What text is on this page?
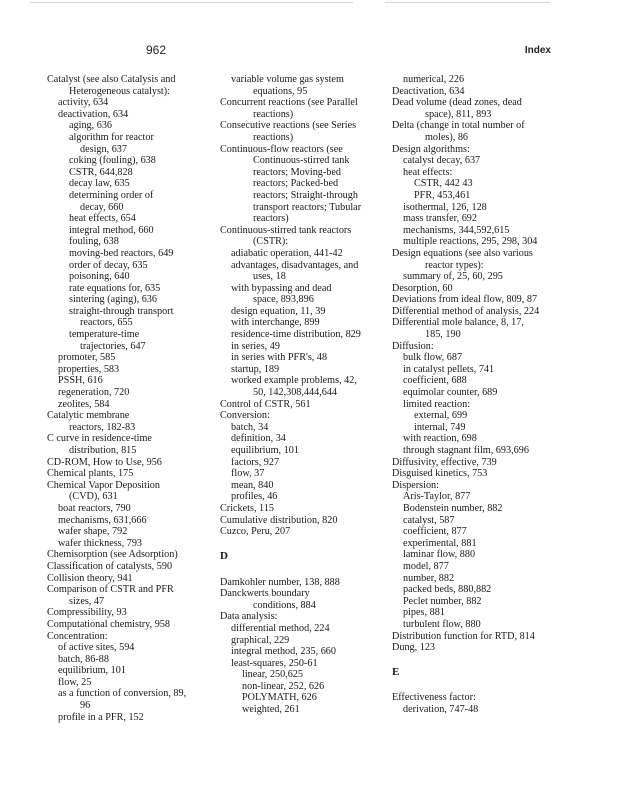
962	Index
Catalyst (see also Catalysis and
Heterogeneous catalyst):
activity, 634
deactivation, 634
aging, 636
algorithm for reactor
design, 637
coking (fouling), 638
CSTR, 644,828
decay law, 635
determining order of
decay, 660
heat effects, 654
integral method, 660
fouling, 638
moving-bed reactors, 649
order of decay, 635
poisoning, 640
rate equations for, 635
sintering (aging), 636
straight-through transport
reactors, 655
temperature-time
trajectories, 647
promoter, 585
properties, 583
PSSH, 616
regeneration, 720
zeolites, 584
Catalytic membrane
reactors, 182-83
C curve in residence-time
distribution, 815
CD-ROM, How to Use, 956
Chemical plants, 175
Chemical Vapor Deposition
(CVD), 631
boat reactors, 790
mechanisms, 631,666
wafer shape, 792
wafer thickness, 793
Chemisorption (see Adsorption)
Classification of catalysts, 590
Collision theory, 941
Comparison of CSTR and PFR
sizes, 47
Compressibility, 93
Computational chemistry, 958
Concentration:
of active sites, 594
batch, 86-88
equilibrium, 101
flow, 25
as a function of conversion, 89,
96
profile in a PFR, 152
variable volume gas system
equations, 95
Concurrent reactions (see Parallel
reactions)
Consecutive reactions (see Series
reactions)
Continuous-flow reactors (see
Continuous-stirred tank
reactors; Moving-bed
reactors; Packed-bed
reactors; Straight-through
transport reactors; Tubular
reactors)
Continuous-stirred tank reactors
(CSTR):
adiabatic operation, 441-42
advantages, disadvantages, and
uses, 18
with bypassing and dead
space, 893,896
design equation, 11, 39
with interchange, 899
residence-time distribution, 829
in series, 49
in series with PFR's, 48
startup, 189
worked example problems, 42,
50, 142,308,444,644
Control of CSTR, 561
Conversion:
batch, 34
definition, 34
equilibrium, 101
factors, 927
flow, 37
mean, 840
profiles, 46
Crickets, 115
Cumulative distribution, 820
Cuzco, Peru, 207
D
Damkohler number, 138, 888
Danckwerts boundary
conditions, 884
Data analysis:
differential method, 224
graphical, 229
integral method, 235, 660
least-squares, 250-61
linear, 250,625
non-linear, 252, 626
POLYMATH, 626
weighted, 261
numerical, 226
Deactivation, 634
Dead volume (dead zones, dead
space), 811, 893
Delta (change in total number of
moles), 86
Design algorithms:
catalyst decay, 637
heat effects:
CSTR, 442 43
PFR, 453,461
isothermal, 126, 128
mass transfer, 692
mechanisms, 344,592,615
multiple reactions, 295, 298, 304
Design equations (see also various
reactor types):
summary of, 25, 60, 295
Desorption, 60
Deviations from ideal flow, 809, 87
Differential method of analysis, 224
Differential mole balance, 8, 17,
185, 190
Diffusion:
bulk flow, 687
in catalyst pellets, 741
coefficient, 688
equimolar counter, 689
limited reaction:
external, 699
internal, 749
with reaction, 698
through stagnant film, 693,696
Diffusivity, effective, 739
Disguised kinetics, 753
Dispersion:
Aris-Taylor, 877
Bodenstein number, 882
catalyst, 587
coefficient, 877
experimental, 881
laminar flow, 880
model, 877
number, 882
packed beds, 880,882
Peclet number, 882
pipes, 881
turbulent flow, 880
Distribution function for RTD, 814
Dung, 123
E
Effectiveness factor:
derivation, 747-48
